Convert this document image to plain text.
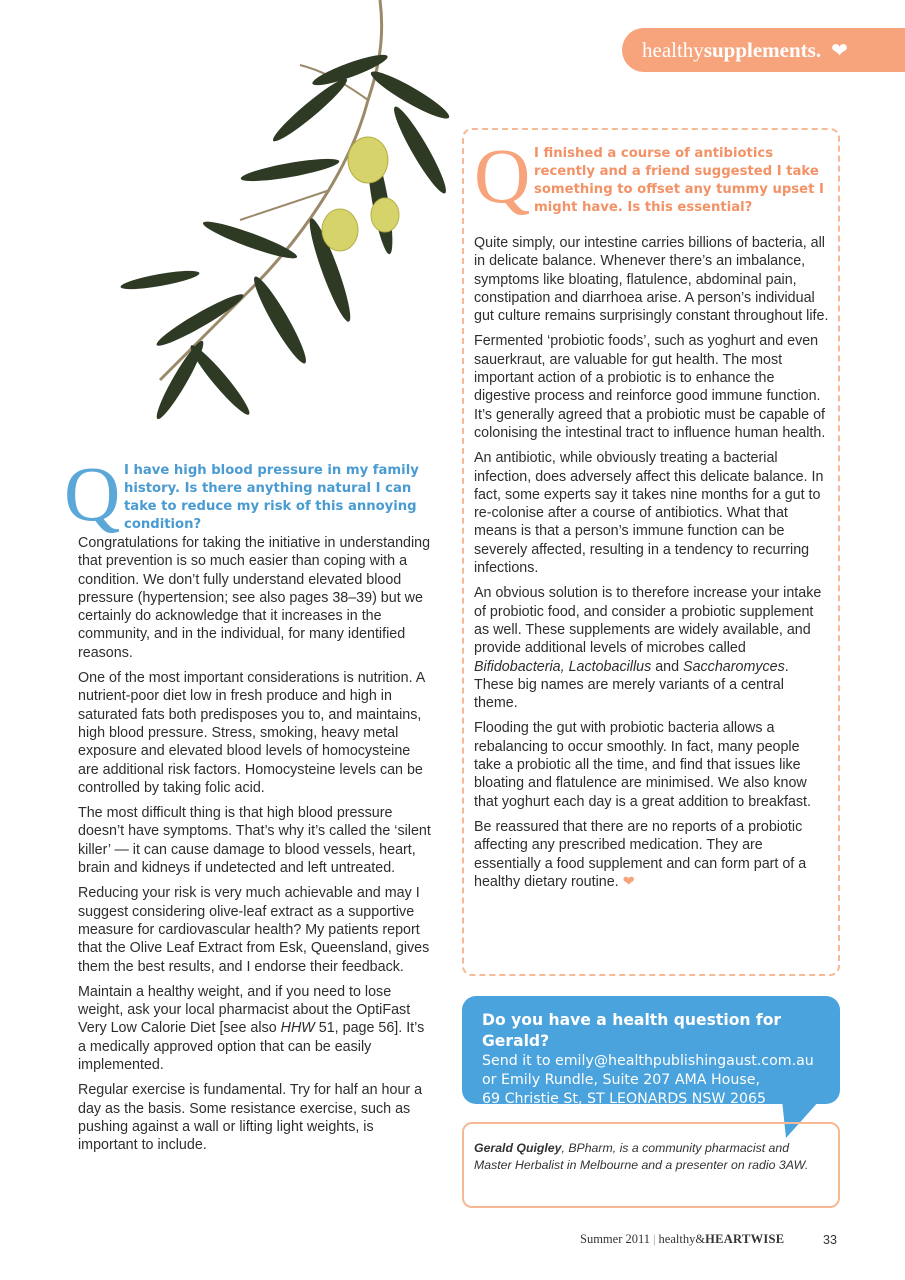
healthy supplements. ❤
Q I have high blood pressure in my family history. Is there anything natural I can take to reduce my risk of this annoying condition?

Congratulations for taking the initiative in understanding that prevention is so much easier than coping with a condition. We don’t fully understand elevated blood pressure (hypertension; see also pages 38–39) but we certainly do acknowledge that it increases in the community, and in the individual, for many identified reasons.

One of the most important considerations is nutrition. A nutrient-poor diet low in fresh produce and high in saturated fats both predisposes you to, and maintains, high blood pressure. Stress, smoking, heavy metal exposure and elevated blood levels of homocysteine are additional risk factors. Homocysteine levels can be controlled by taking folic acid.

The most difficult thing is that high blood pressure doesn’t have symptoms. That’s why it’s called the ‘silent killer’ — it can cause damage to blood vessels, heart, brain and kidneys if undetected and left untreated.

Reducing your risk is very much achievable and may I suggest considering olive-leaf extract as a supportive measure for cardiovascular health? My patients report that the Olive Leaf Extract from Esk, Queensland, gives them the best results, and I endorse their feedback.

Maintain a healthy weight, and if you need to lose weight, ask your local pharmacist about the OptiFast Very Low Calorie Diet [see also HHW 51, page 56]. It’s a medically approved option that can be easily implemented.

Regular exercise is fundamental. Try for half an hour a day as the basis. Some resistance exercise, such as pushing against a wall or lifting light weights, is important to include.

Q I finished a course of antibiotics recently and a friend suggested I take something to offset any tummy upset I might have. Is this essential?

Quite simply, our intestine carries billions of bacteria, all in delicate balance. Whenever there’s an imbalance, symptoms like bloating, flatulence, abdominal pain, constipation and diarrhoea arise. A person’s individual gut culture remains surprisingly constant throughout life.

Fermented ‘probiotic foods’, such as yoghurt and even sauerkraut, are valuable for gut health. The most important action of a probiotic is to enhance the digestive process and reinforce good immune function. It’s generally agreed that a probiotic must be capable of colonising the intestinal tract to influence human health.

An antibiotic, while obviously treating a bacterial infection, does adversely affect this delicate balance. In fact, some experts say it takes nine months for a gut to re-colonise after a course of antibiotics. What that means is that a person’s immune function can be severely affected, resulting in a tendency to recurring infections.

An obvious solution is to therefore increase your intake of probiotic food, and consider a probiotic supplement as well. These supplements are widely available, and provide additional levels of microbes called Bifidobacteria, Lactobacillus and Saccharomyces. These big names are merely variants of a central theme.

Flooding the gut with probiotic bacteria allows a rebalancing to occur smoothly. In fact, many people take a probiotic all the time, and find that issues like bloating and flatulence are minimised. We also know that yoghurt each day is a great addition to breakfast.

Be reassured that there are no reports of a probiotic affecting any prescribed medication. They are essentially a food supplement and can form part of a healthy dietary routine. ❤

Do you have a health question for Gerald?
Send it to emily@healthpublishingaust.com.au
or Emily Rundle, Suite 207 AMA House,
69 Christie St, ST LEONARDS NSW 2065
Gerald Quigley, BPharm, is a community pharmacist and Master Herbalist in Melbourne and a presenter on radio 3AW.
Summer 2011 | healthy&HEARTWISE	33
